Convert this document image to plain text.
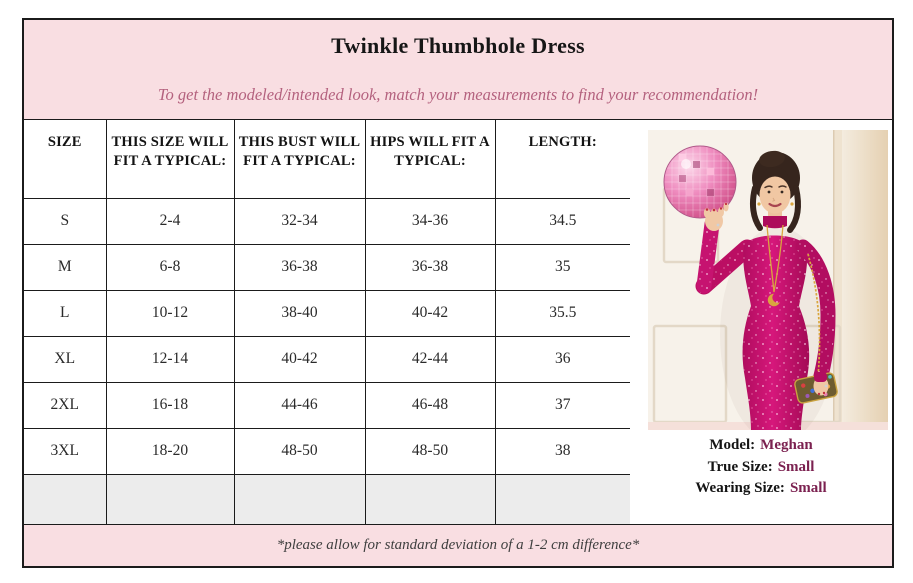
Twinkle Thumbhole Dress
To get the modeled/intended look, match your measurements to find your recommendation!
SIZE	THIS SIZE WILL FIT A TYPICAL:	THIS BUST WILL FIT A TYPICAL:	HIPS WILL FIT A TYPICAL:	LENGTH:
S	2-4	32-34	34-36	34.5
M	6-8	36-38	36-38	35
L	10-12	38-40	40-42	35.5
XL	12-14	40-42	42-44	36
2XL	16-18	44-46	46-48	37
3XL	18-20	48-50	48-50	38
					Model: Meghan
True Size: Small
Wearing Size: Small
*please allow for standard deviation of a 1-2 cm difference*
